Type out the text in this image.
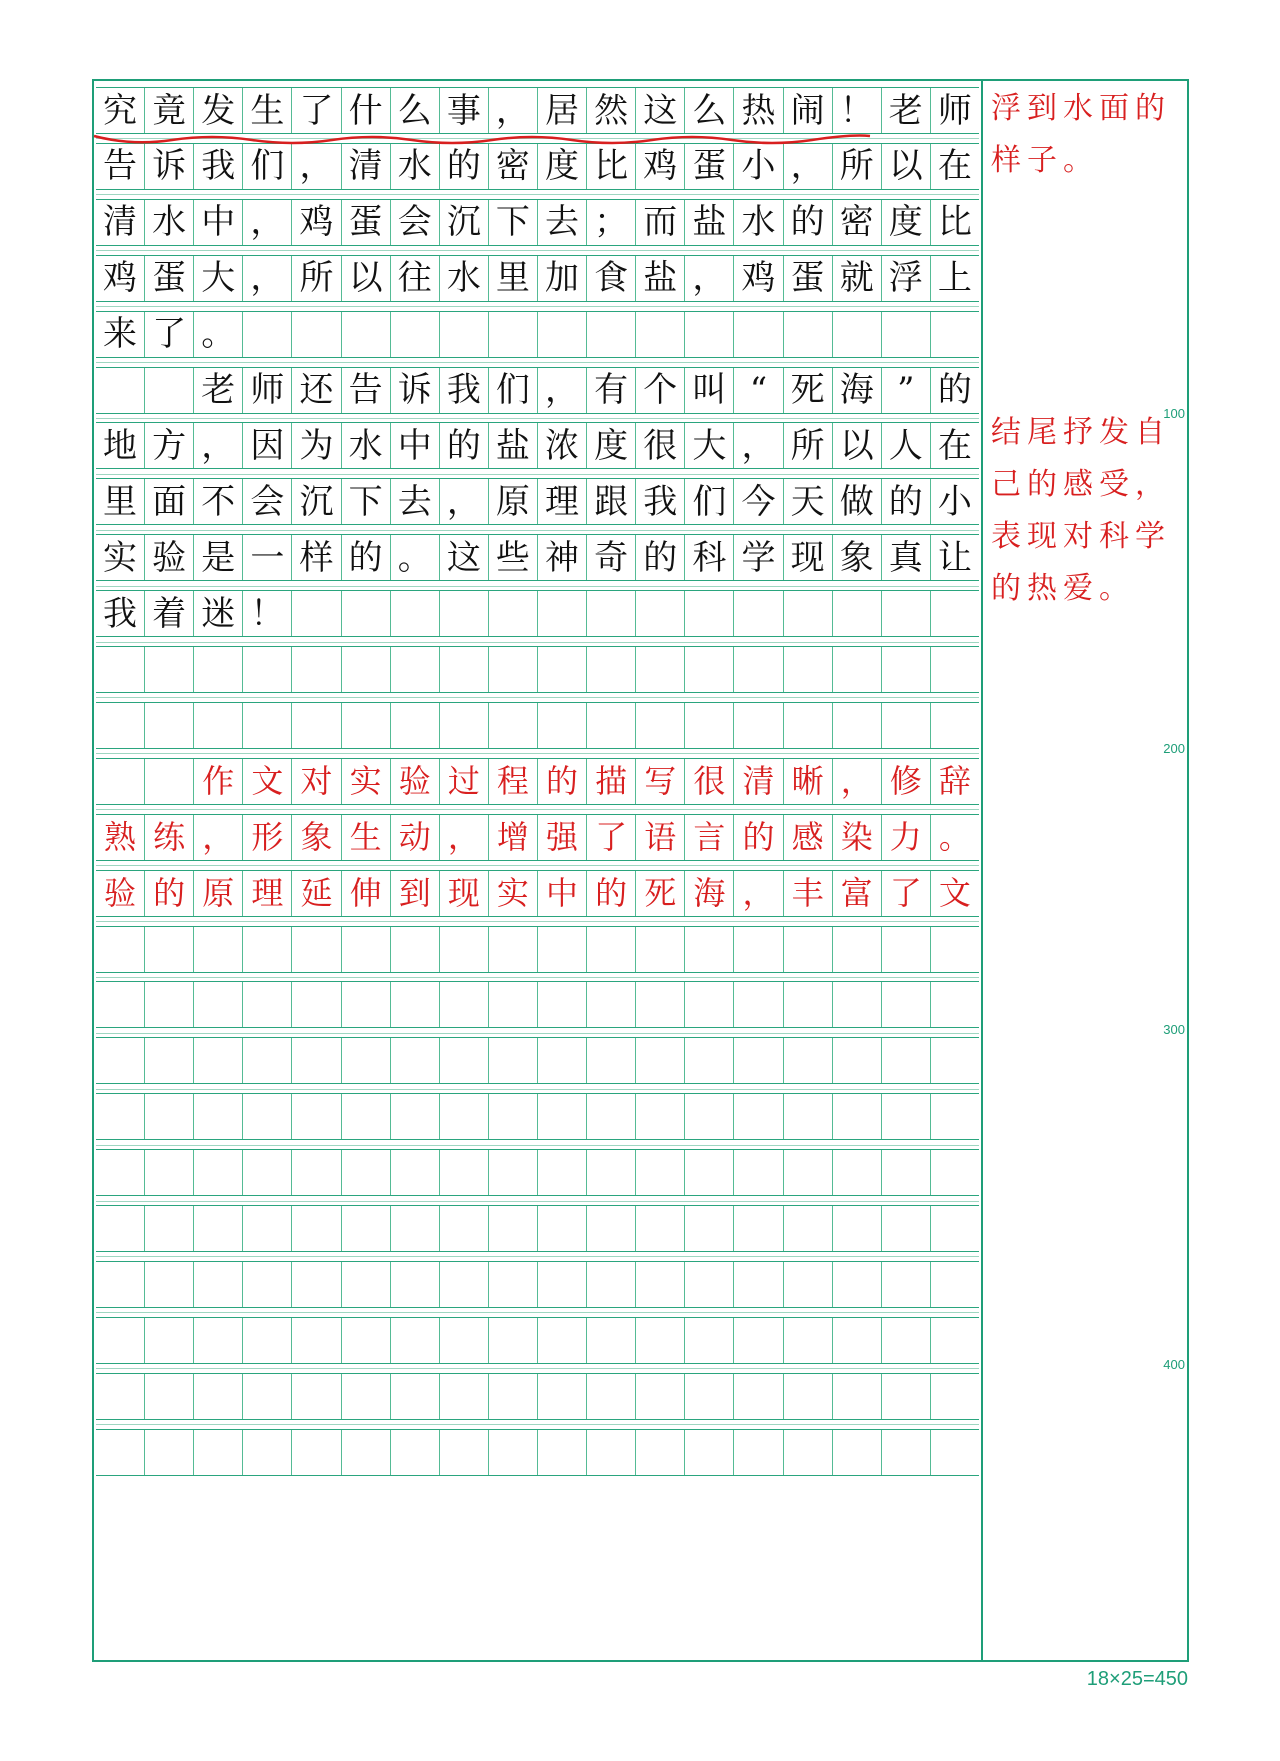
究 竟 发 生 了 什 么 事 ， 居 然 这 么 热 闹 ！ 老 师
告 诉 我 们 ， 清 水 的 密 度 比 鸡 蛋 小 ， 所 以 在
清 水 中 ， 鸡 蛋 会 沉 下 去 ； 而 盐 水 的 密 度 比
鸡 蛋 大 ， 所 以 往 水 里 加 食 盐 ， 鸡 蛋 就 浮 上
来 了 。
老 师 还 告 诉 我 们 ， 有 个 叫 “ 死 海 ” 的
地 方 ， 因 为 水 中 的 盐 浓 度 很 大 ， 所 以 人 在
里 面 不 会 沉 下 去 ， 原 理 跟 我 们 今 天 做 的 小
实 验 是 一 样 的 。 这 些 神 奇 的 科 学 现 象 真 让
我 着 迷 ！
作 文 对 实 验 过 程 的 描 写 很 清 晰 ， 修 辞
熟 练 ， 形 象 生 动 ， 增 强 了 语 言 的 感 染 力 。
验 的 原 理 延 伸 到 现 实 中 的 死 海 ， 丰 富 了 文
100
200
300
400
浮到水面的
样子。
结尾抒发自
己的感受，
表现对科学
的热爱。
18×25=450
